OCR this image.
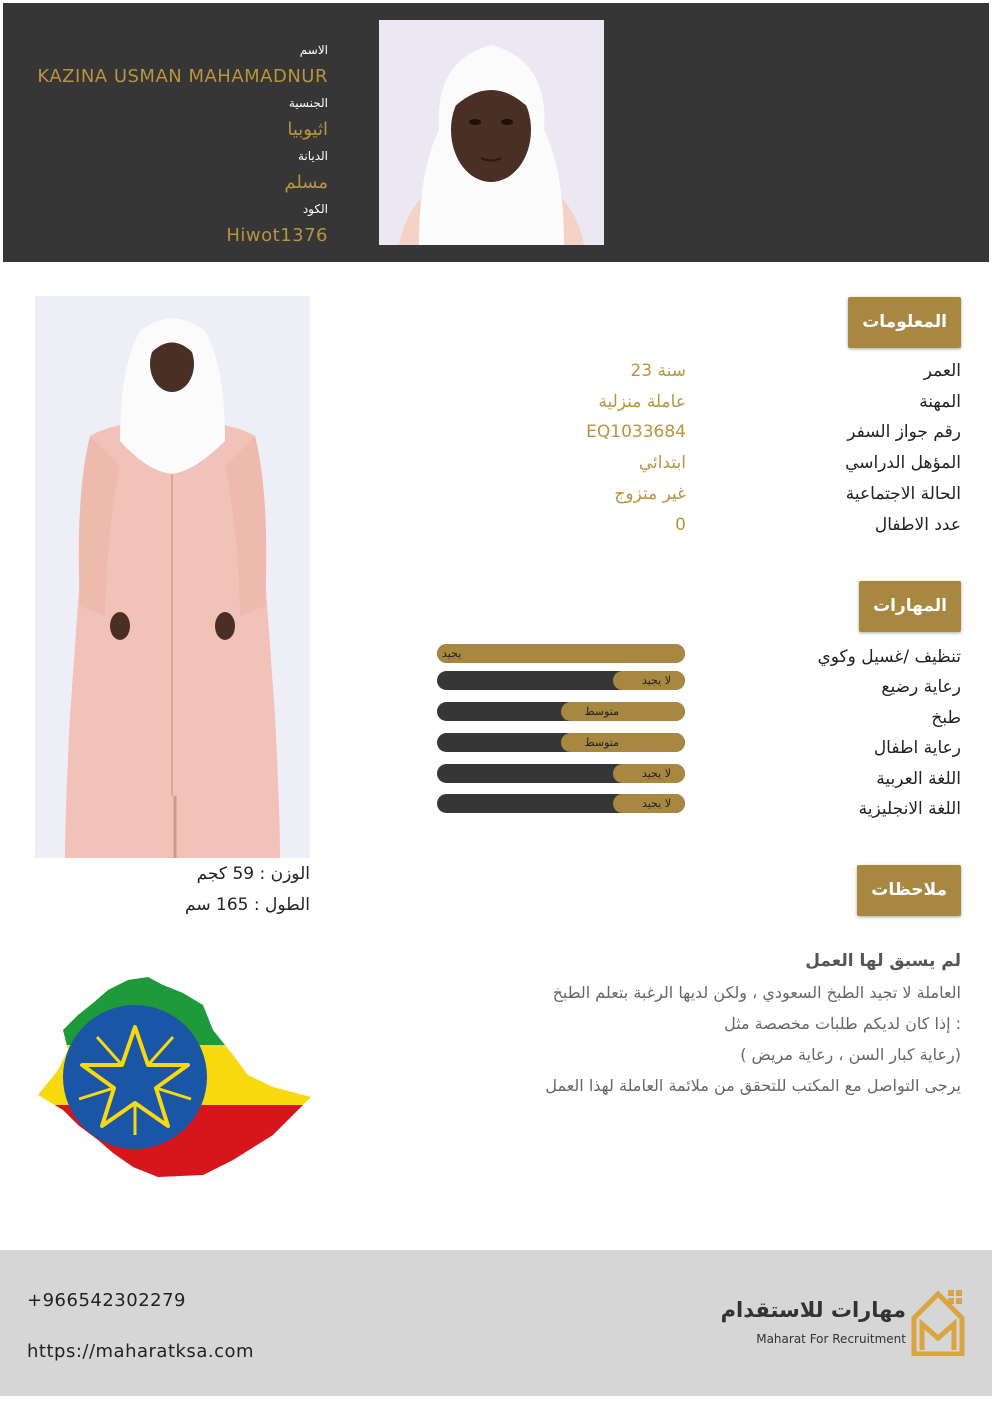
الاسم
KAZINA USMAN MAHAMADNUR
الجنسية
اثيوبيا
الديانة
مسلم
الكود
Hiwot1376
الوزن : 59 كجم
الطول : 165 سم
المعلومات
العمر
23 سنة
المهنة
عاملة منزلية
رقم جواز السفر
EQ1033684
المؤهل الدراسي
ابتدائي
الحالة الاجتماعية
غير متزوج
عدد الاطفال
0
المهارات
تنظيف /غسيل وكوي
رعاية رضيع
طبخ
رعاية اطفال
اللغة العربية
اللغة الانجليزية
يجيد
لا يجيد
متوسط
متوسط
لا يجيد
لا يجيد
ملاحظات
لم يسبق لها العمل
العاملة لا تجيد الطبخ السعودي ، ولكن لديها الرغبة بتعلم الطبخ
إذا كان لديكم طلبات مخصصة مثل :
( رعاية كبار السن ، رعاية مريض)
يرجى التواصل مع المكتب للتحقق من ملائمة العاملة لهذا العمل
+966542302279
https://maharatksa.com
مهارات للاستقدام
Maharat For Recruitment
